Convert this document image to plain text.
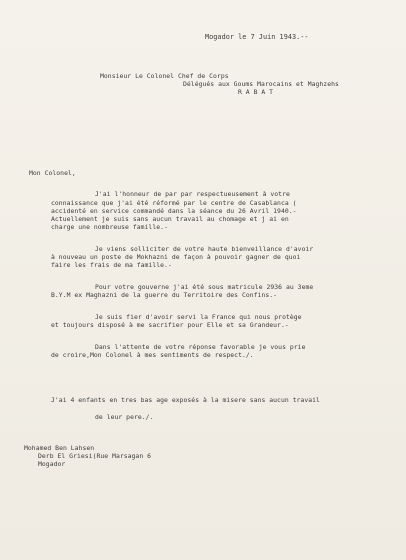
Mogador le 7 Juin 1943.--
Monsieur Le Colonel Chef de Corps
Délégués aux Goums Marocains et Maghzehs
R A B A T
Mon Colonel,
J'ai l'honneur de par par respectueusement à votre
connaissance que j'ai été réformé par le centre de Casablanca (
accidenté en service commandé dans la séance du 26 Avril 1940.-
Actuellement je suis sans aucun travail au chomage et j ai en
charge une nombreuse famille.-
Je viens solliciter de votre haute bienveillance d'avoir
à nouveau un poste de Mokhazni de façon à pouvoir gagner de quoi
faire les frais de ma famille.-
Pour votre gouverne j'ai été sous matricule 2936 au 3eme
B.Y.M ex Maghazni de la guerre du Territoire des Confins.-
Je suis fier d'avoir servi la France qui nous protège
et toujours disposé à me sacrifier pour Elle et sa Grandeur.-
Dans l'attente de votre réponse favorable je vous prie
de croire,Mon Colonel à mes sentiments de respect./.
J'ai 4 enfants en tres bas age exposés à la misere sans aucun travail
de leur pere./.
Mohamed Ben Lahsen
Derb El Griesi(Rue Marsagan 6
Mogador
